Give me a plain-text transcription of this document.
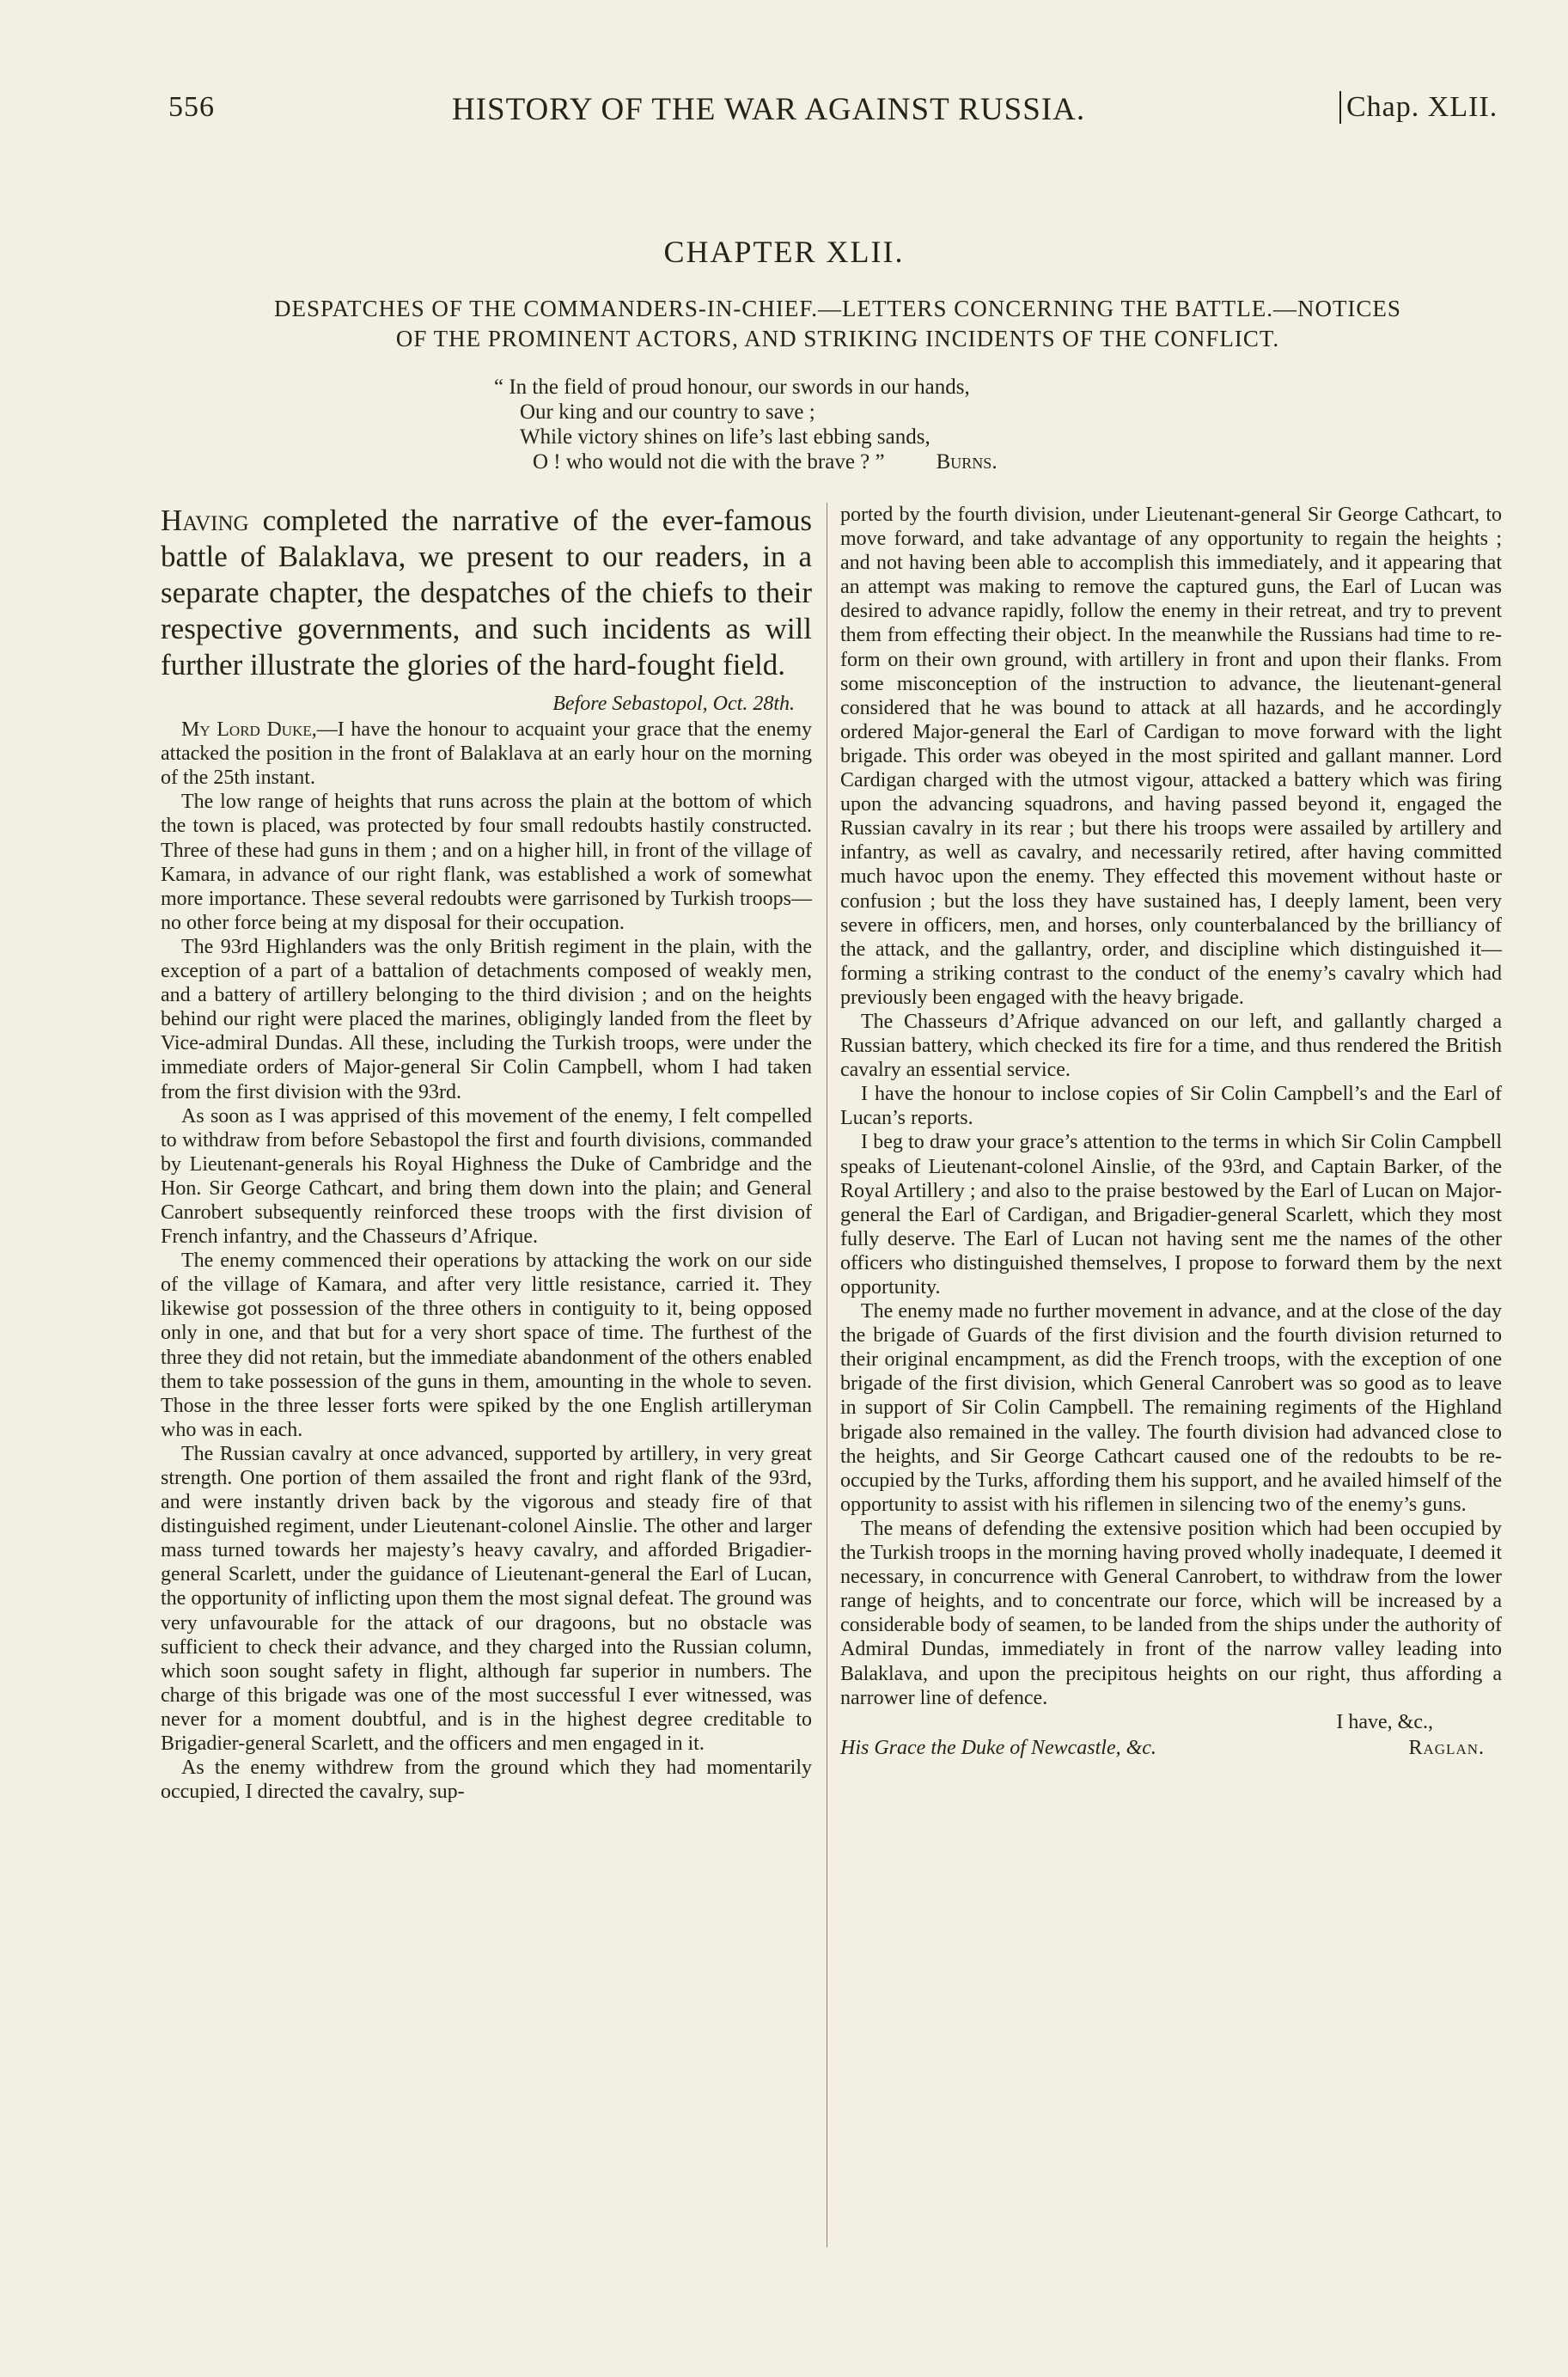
556	HISTORY OF THE WAR AGAINST RUSSIA.	Chap. XLII.
CHAPTER XLII.
DESPATCHES OF THE COMMANDERS-IN-CHIEF.—LETTERS CONCERNING THE BATTLE.—NOTICES
OF THE PROMINENT ACTORS, AND STRIKING INCIDENTS OF THE CONFLICT.
“ In the field of proud honour, our swords in our hands,
Our king and our country to save ;
While victory shines on life’s last ebbing sands,
O ! who would not die with the brave ? ” Burns.

Having completed the narrative of the ever-famous battle of Balaklava, we present to our readers, in a separate chapter, the despatches of the chiefs to their respective governments, and such incidents as will further illustrate the glories of the hard-fought field.

Before Sebastopol, Oct. 28th.

My Lord Duke,—I have the honour to acquaint your grace that the enemy attacked the position in the front of Balaklava at an early hour on the morning of the 25th instant.

The low range of heights that runs across the plain at the bottom of which the town is placed, was protected by four small redoubts hastily constructed. Three of these had guns in them ; and on a higher hill, in front of the village of Kamara, in advance of our right flank, was established a work of somewhat more importance. These several redoubts were garrisoned by Turkish troops—no other force being at my disposal for their occupation.

The 93rd Highlanders was the only British regiment in the plain, with the exception of a part of a battalion of detachments composed of weakly men, and a battery of artillery belonging to the third division ; and on the heights behind our right were placed the marines, obligingly landed from the fleet by Vice-admiral Dundas. All these, including the Turkish troops, were under the immediate orders of Major-general Sir Colin Campbell, whom I had taken from the first division with the 93rd.

As soon as I was apprised of this movement of the enemy, I felt compelled to withdraw from before Sebastopol the first and fourth divisions, commanded by Lieutenant-generals his Royal Highness the Duke of Cambridge and the Hon. Sir George Cathcart, and bring them down into the plain; and General Canrobert subsequently reinforced these troops with the first division of French infantry, and the Chasseurs d’Afrique.

The enemy commenced their operations by attacking the work on our side of the village of Kamara, and after very little resistance, carried it. They likewise got possession of the three others in contiguity to it, being opposed only in one, and that but for a very short space of time. The furthest of the three they did not retain, but the immediate abandonment of the others enabled them to take possession of the guns in them, amounting in the whole to seven. Those in the three lesser forts were spiked by the one English artilleryman who was in each.

The Russian cavalry at once advanced, supported by artillery, in very great strength. One portion of them assailed the front and right flank of the 93rd, and were instantly driven back by the vigorous and steady fire of that distinguished regiment, under Lieutenant-colonel Ainslie. The other and larger mass turned towards her majesty’s heavy cavalry, and afforded Brigadier-general Scarlett, under the guidance of Lieutenant-general the Earl of Lucan, the opportunity of inflicting upon them the most signal defeat. The ground was very unfavourable for the attack of our dragoons, but no obstacle was sufficient to check their advance, and they charged into the Russian column, which soon sought safety in flight, although far superior in numbers. The charge of this brigade was one of the most successful I ever witnessed, was never for a moment doubtful, and is in the highest degree creditable to Brigadier-general Scarlett, and the officers and men engaged in it.

As the enemy withdrew from the ground which they had momentarily occupied, I directed the cavalry, sup-

ported by the fourth division, under Lieutenant-general Sir George Cathcart, to move forward, and take advantage of any opportunity to regain the heights ; and not having been able to accomplish this immediately, and it appearing that an attempt was making to remove the captured guns, the Earl of Lucan was desired to advance rapidly, follow the enemy in their retreat, and try to prevent them from effecting their object. In the meanwhile the Russians had time to re-form on their own ground, with artillery in front and upon their flanks. From some misconception of the instruction to advance, the lieutenant-general considered that he was bound to attack at all hazards, and he accordingly ordered Major-general the Earl of Cardigan to move forward with the light brigade. This order was obeyed in the most spirited and gallant manner. Lord Cardigan charged with the utmost vigour, attacked a battery which was firing upon the advancing squadrons, and having passed beyond it, engaged the Russian cavalry in its rear ; but there his troops were assailed by artillery and infantry, as well as cavalry, and necessarily retired, after having committed much havoc upon the enemy. They effected this movement without haste or confusion ; but the loss they have sustained has, I deeply lament, been very severe in officers, men, and horses, only counterbalanced by the brilliancy of the attack, and the gallantry, order, and discipline which distinguished it—forming a striking contrast to the conduct of the enemy’s cavalry which had previously been engaged with the heavy brigade.

The Chasseurs d’Afrique advanced on our left, and gallantly charged a Russian battery, which checked its fire for a time, and thus rendered the British cavalry an essential service.

I have the honour to inclose copies of Sir Colin Campbell’s and the Earl of Lucan’s reports.

I beg to draw your grace’s attention to the terms in which Sir Colin Campbell speaks of Lieutenant-colonel Ainslie, of the 93rd, and Captain Barker, of the Royal Artillery ; and also to the praise bestowed by the Earl of Lucan on Major-general the Earl of Cardigan, and Brigadier-general Scarlett, which they most fully deserve. The Earl of Lucan not having sent me the names of the other officers who distinguished themselves, I propose to forward them by the next opportunity.

The enemy made no further movement in advance, and at the close of the day the brigade of Guards of the first division and the fourth division returned to their original encampment, as did the French troops, with the exception of one brigade of the first division, which General Canrobert was so good as to leave in support of Sir Colin Campbell. The remaining regiments of the Highland brigade also remained in the valley. The fourth division had advanced close to the heights, and Sir George Cathcart caused one of the redoubts to be re-occupied by the Turks, affording them his support, and he availed himself of the opportunity to assist with his riflemen in silencing two of the enemy’s guns.

The means of defending the extensive position which had been occupied by the Turkish troops in the morning having proved wholly inadequate, I deemed it necessary, in concurrence with General Canrobert, to withdraw from the lower range of heights, and to concentrate our force, which will be increased by a considerable body of seamen, to be landed from the ships under the authority of Admiral Dundas, immediately in front of the narrow valley leading into Balaklava, and upon the precipitous heights on our right, thus affording a narrower line of defence.

I have, &c.,
His Grace the Duke of Newcastle, &c.	Raglan.
